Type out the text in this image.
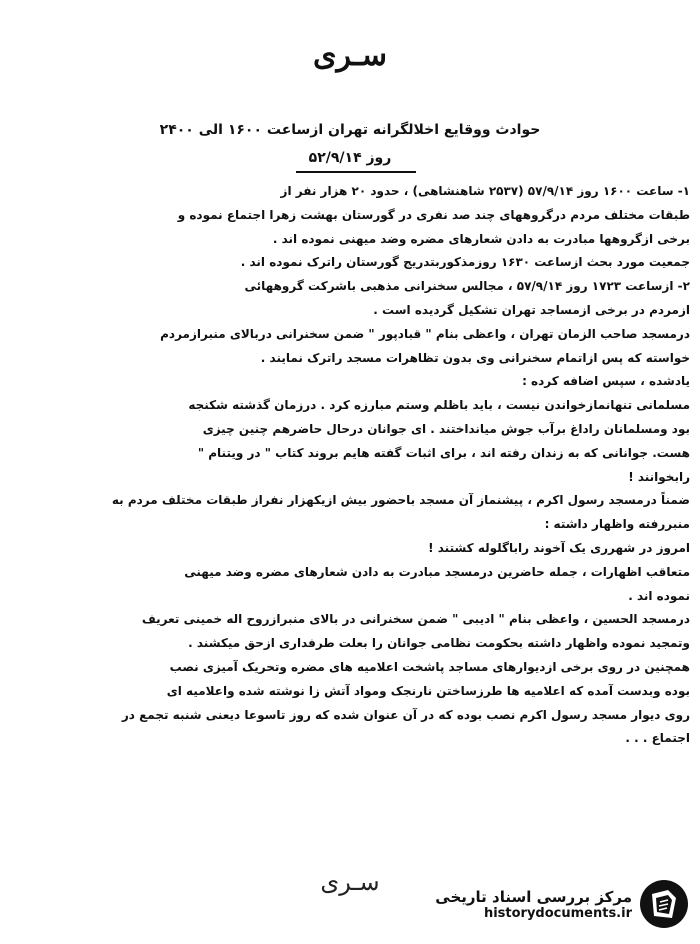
سـرى
حوادث ووقایع اخلالگرانه تهران ازساعت ۱۶۰۰ الی ۲۴۰۰
روز ۵۲/۹/۱۴

۱- ساعت ۱۶۰۰ روز ۵۷/۹/۱۴ (۲۵۳۷ شاهنشاهی) ، حدود ۲۰ هزار نفر از

طبقات مختلف مردم درگروههای چند صد نفری در گورستان بهشت زهرا اجتماع نموده و

برخی ازگروهها مبادرت به دادن شعارهای مضره وضد میهنی نموده اند .

جمعیت مورد بحث ازساعت ۱۶۳۰ روزمذکوربتدریج گورستان راترک نموده اند .

۲- ازساعت ۱۷۲۳ روز ۵۷/۹/۱۴ ، مجالس سخنرانی مذهبی باشرکت گروههائی

ازمردم در برخی ازمساجد تهران تشکیل گردیده است .

درمسجد صاحب الزمان تهران ، واعظی بنام " قبادپور " ضمن سخنرانی دربالای منبرازمردم

خواسته که پس ازاتمام سخنرانی وی بدون تظاهرات مسجد راترک نمایند .

یادشده ، سپس اضافه کرده :

مسلمانی تنهانمازخواندن نیست ، باید باظلم وستم مبارزه کرد . درزمان گذشته شکنجه

بود ومسلمانان راداغ برآب جوش میانداختند . ای جوانان درحال حاضرهم چنین چیزی

هست. جوانانی که به زندان رفته اند ، برای اثبات گفته هایم بروند کتاب " در ویتنام "

رابخوانند !

ضمناً درمسجد رسول اکرم ، پیشنماز آن مسجد باحضور بیش ازیکهزار نفراز طبقات مختلف مردم به

منبررفته واظهار داشته :

امروز در شهرری یک آخوند راباگلوله کشتند !

متعاقب اظهارات ، جمله حاضرین درمسجد مبادرت به دادن شعارهای مضره وضد میهنی

نموده اند .

درمسجد الحسین ، واعظی بنام " ادیبی " ضمن سخنرانی در بالای منبرازروح اله خمینی تعریف

وتمجید نموده واظهار داشته بحکومت نظامی جوانان را بعلت طرفداری ازحق میکشند .

همچنین در روی برخی ازدیوارهای مساجد پاشخت اعلامیه های مضره وتحریک آمیزی نصب

بوده وبدست آمده که اعلامیه ها طرزساختن نارنجک ومواد آتش زا نوشته شده واعلامیه ای

روی دیوار مسجد رسول اکرم نصب بوده که در آن عنوان شده که روز تاسوعا دیعنی شنبه تجمع در

اجتماع . . .

سـرى
مرکز بررسی اسناد تاریخی
historydocuments.ir
